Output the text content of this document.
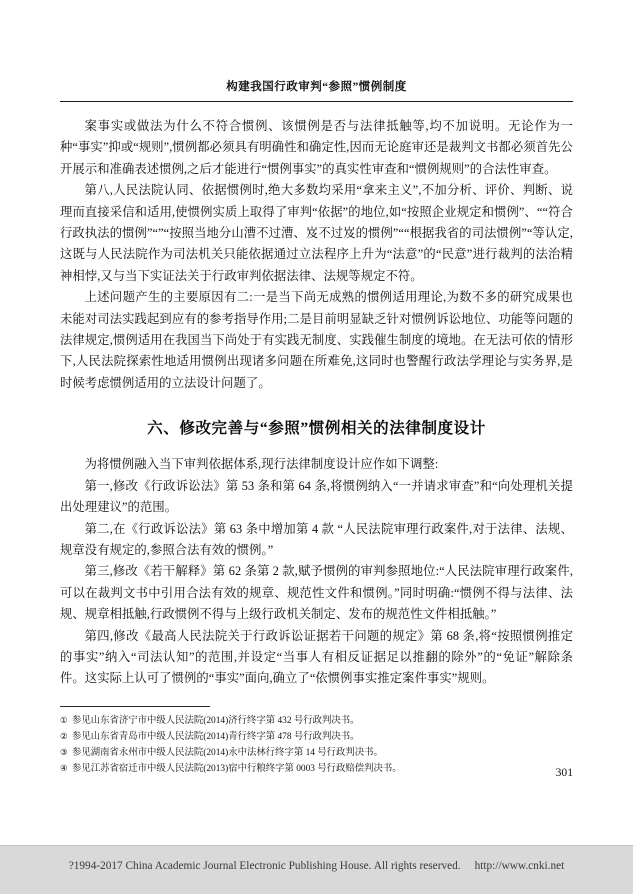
构建我国行政审判“参照”惯例制度

案事实或做法为什么不符合惯例、该惯例是否与法律抵触等,均不加说明。无论作为一种“事实”抑或“规则”,惯例都必须具有明确性和确定性,因而无论庭审还是裁判文书都必须首先公开展示和准确表述惯例,之后才能进行“惯例事实”的真实性审查和“惯例规则”的合法性审查。

第八,人民法院认同、依据惯例时,绝大多数均采用“拿来主义”,不加分析、评价、判断、说理而直接采信和适用,使惯例实质上取得了审判“依据”的地位,如“按照企业规定和惯例”、““符合行政执法的惯例”“”“按照当地分山漕不过漕、岌不过岌的惯例”““根据我省的司法惯例”“等认定,这既与人民法院作为司法机关只能依据通过立法程序上升为“法意”的“民意”进行裁判的法治精神相悖,又与当下实证法关于行政审判依据法律、法规等规定不符。

上述问题产生的主要原因有二:一是当下尚无成熟的惯例适用理论,为数不多的研究成果也未能对司法实践起到应有的参考指导作用;二是目前明显缺乏针对惯例诉讼地位、功能等问题的法律规定,惯例适用在我国当下尚处于有实践无制度、实践催生制度的境地。在无法可依的情形下,人民法院探索性地适用惯例出现诸多问题在所难免,这同时也警醒行政法学理论与实务界,是时候考虑惯例适用的立法设计问题了。

六、修改完善与“参照”惯例相关的法律制度设计

为将惯例融入当下审判依据体系,现行法律制度设计应作如下调整:

第一,修改《行政诉讼法》第 53 条和第 64 条,将惯例纳入“一并请求审查”和“向处理机关提出处理建议”的范围。

第二,在《行政诉讼法》第 63 条中增加第 4 款 “人民法院审理行政案件,对于法律、法规、规章没有规定的,参照合法有效的惯例。”

第三,修改《若干解释》第 62 条第 2 款,赋予惯例的审判参照地位:“人民法院审理行政案件,可以在裁判文书中引用合法有效的规章、规范性文件和惯例。”同时明确:“惯例不得与法律、法规、规章相抵触,行政惯例不得与上级行政机关制定、发布的规范性文件相抵触。”

第四,修改《最高人民法院关于行政诉讼证据若干问题的规定》第 68 条,将“按照惯例推定的事实”纳入“司法认知”的范围,并设定“当事人有相反证据足以推翻的除外”的“免证”解除条件。这实际上认可了惯例的“事实”面向,确立了“依惯例事实推定案件事实”规则。

① 参见山东省济宁市中级人民法院(2014)济行终字第 432 号行政判决书。
② 参见山东省青岛市中级人民法院(2014)青行终字第 478 号行政判决书。
③ 参见湖南省永州市中级人民法院(2014)永中法林行终字第 14 号行政判决书。
④ 参见江苏省宿迁市中级人民法院(2013)宿中行粮终字第 0003 号行政赔偿判决书。	301
?1994-2017 China Academic Journal Electronic Publishing House. All rights reserved. http://www.cnki.net
